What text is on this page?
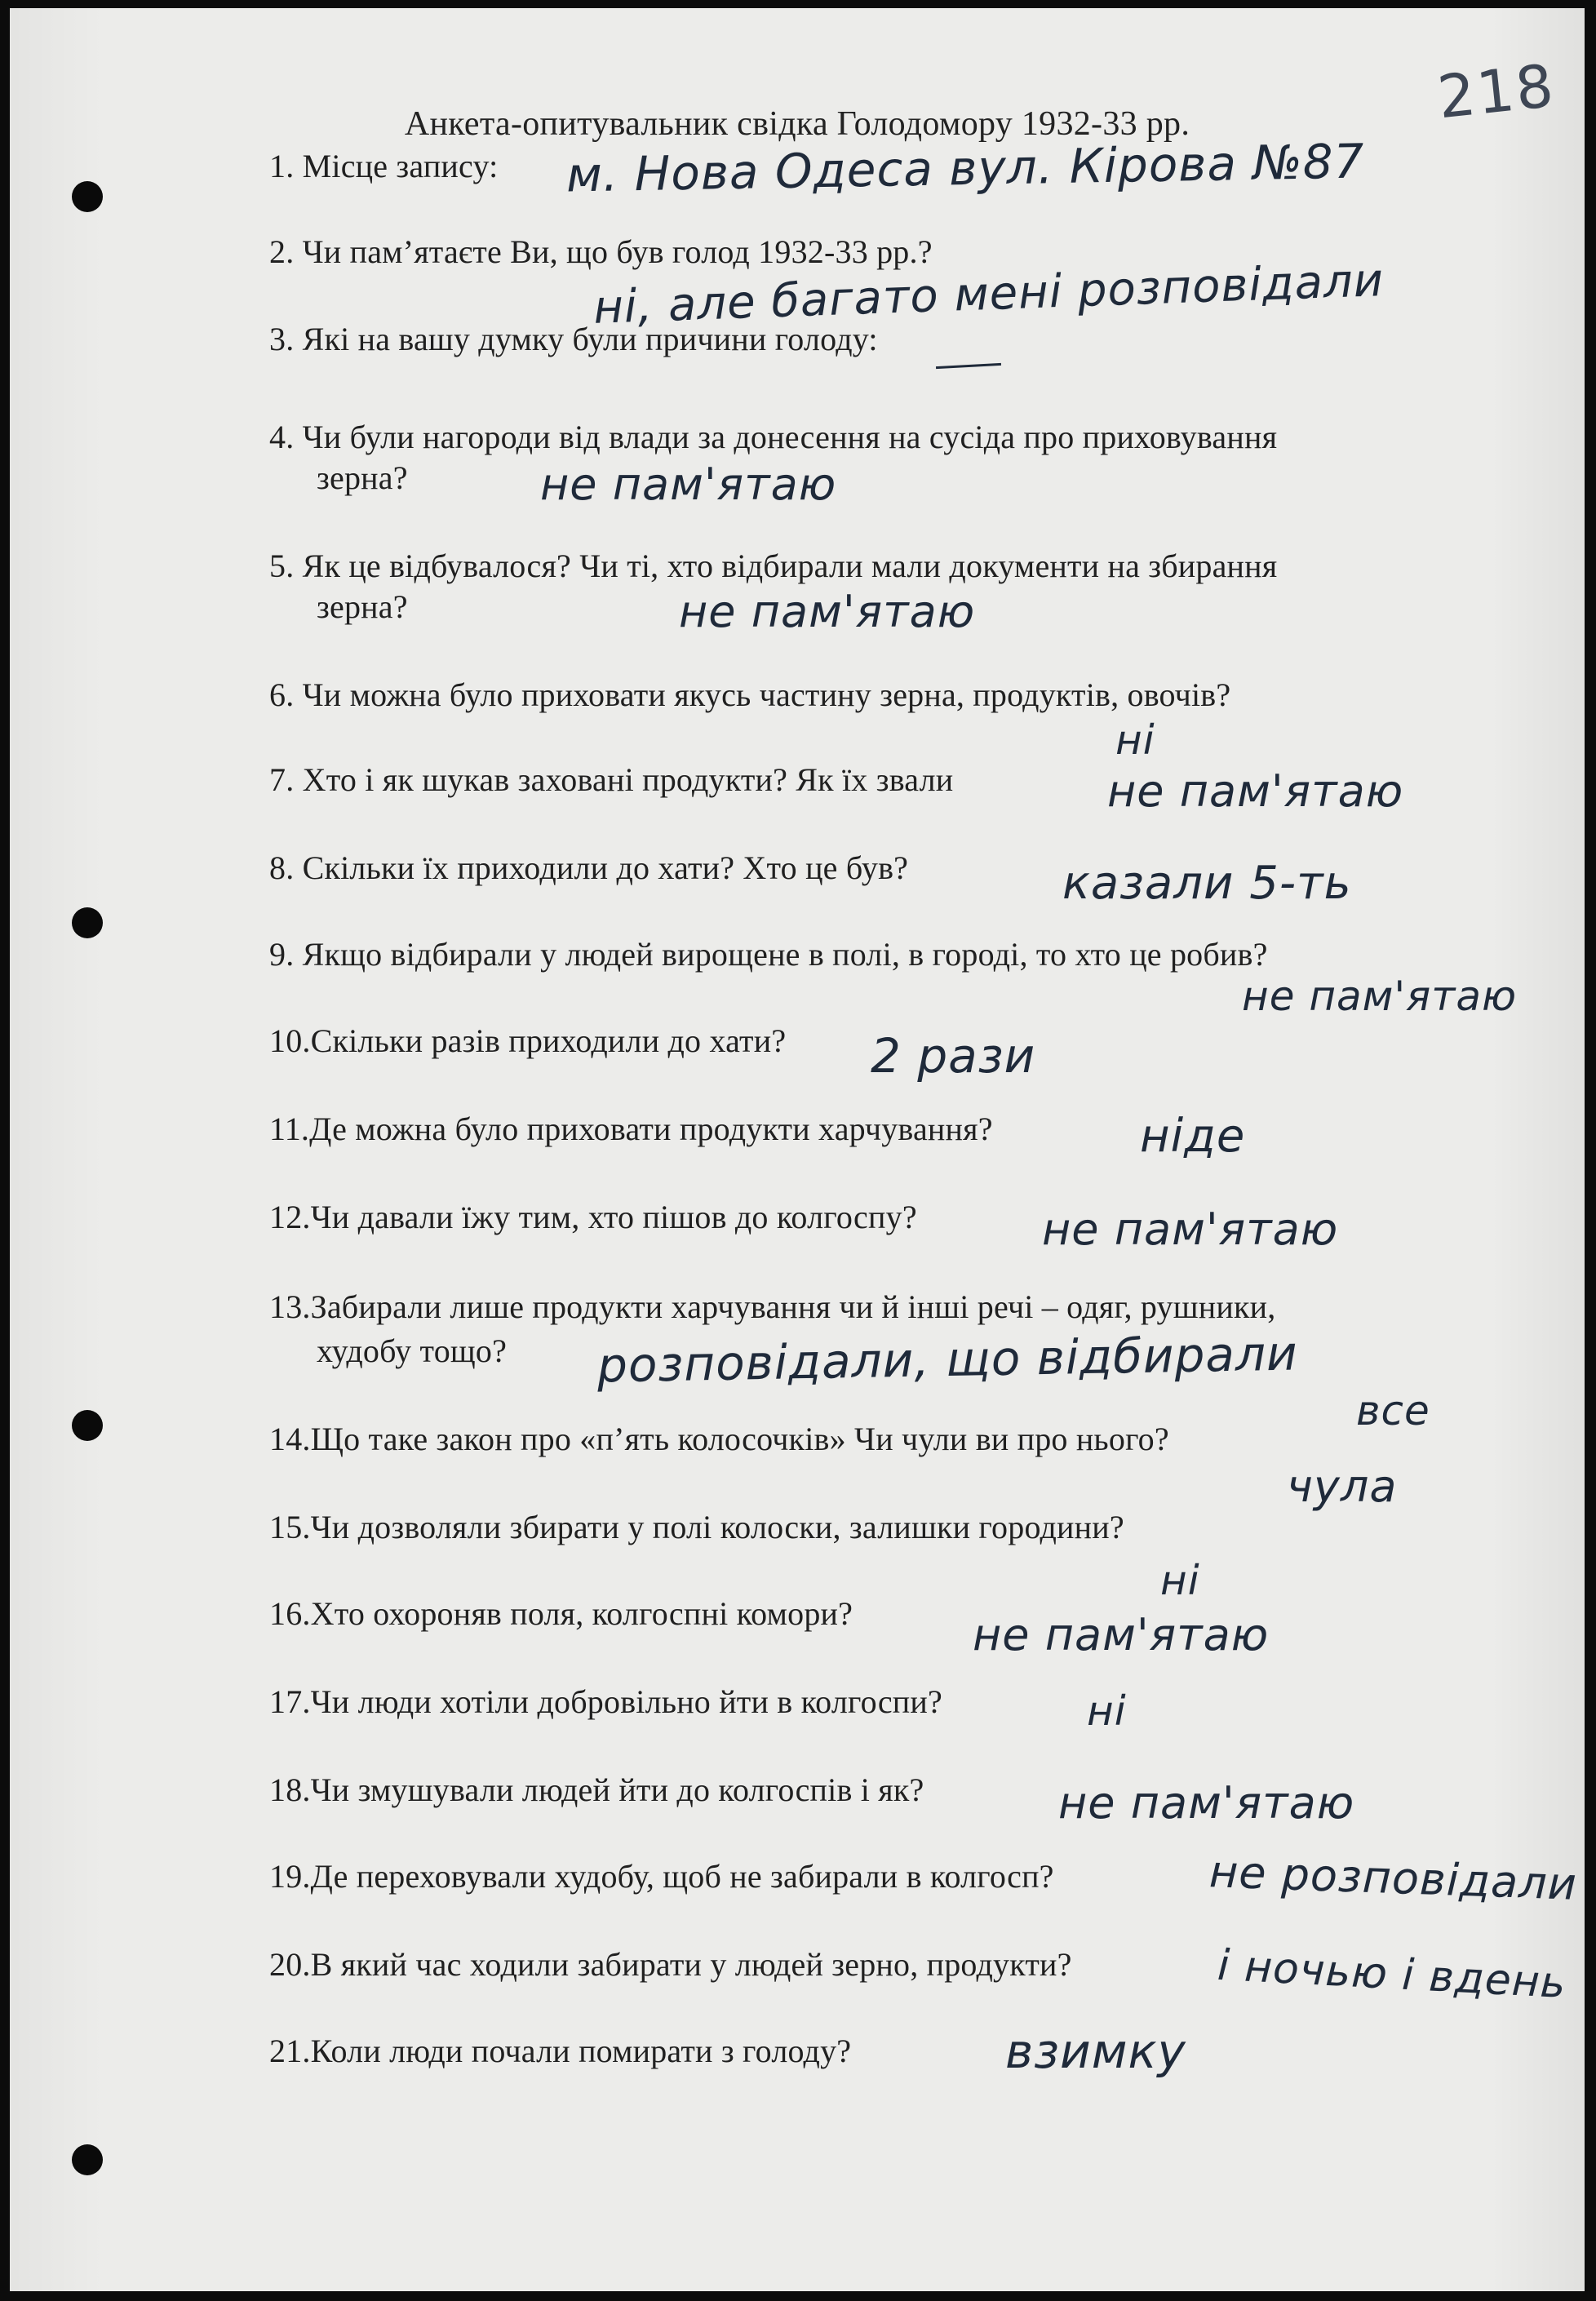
218
Анкета-опитувальник свідка Голодомору 1932-33 рр.
1. Місце запису:
2. Чи пам’ятаєте Ви, що був голод 1932-33 рр.?
3. Які на вашу думку були причини голоду:
4. Чи були нагороди від влади за донесення на сусіда про приховування
зерна?
5. Як це відбувалося? Чи ті, хто відбирали мали документи на збирання
зерна?
6. Чи можна було приховати якусь частину зерна, продуктів, овочів?
7. Хто і як шукав заховані продукти? Як їх звали
8. Скільки їх приходили до хати? Хто це був?
9. Якщо відбирали у людей вирощене в полі, в городі, то хто це робив?
10.Скільки разів приходили до хати?
11.Де можна було приховати продукти харчування?
12.Чи давали їжу тим, хто пішов до колгоспу?
13.Забирали лише продукти харчування чи й інші речі – одяг, рушники,
худобу тощо?
14.Що таке закон про «п’ять колосочків» Чи чули ви про нього?
15.Чи дозволяли збирати у полі колоски, залишки городини?
16.Хто охороняв поля, колгоспні комори?
17.Чи люди хотіли добровільно йти в колгоспи?
18.Чи змушували людей йти до колгоспів і як?
19.Де переховували худобу, щоб не забирали в колгосп?
20.В який час ходили забирати у людей зерно, продукти?
21.Коли люди почали помирати з голоду?
м. Нова Одеса вул. Кірова №87
ні, але багато мені розповідали
не пам'ятаю
не пам'ятаю
ні
не пам'ятаю
казали 5-ть
не пам'ятаю
2 рази
ніде
не пам'ятаю
розповідали, що відбирали
все
чула
ні
не пам'ятаю
ні
не пам'ятаю
не розповідали
і ночью і вдень
взимку
